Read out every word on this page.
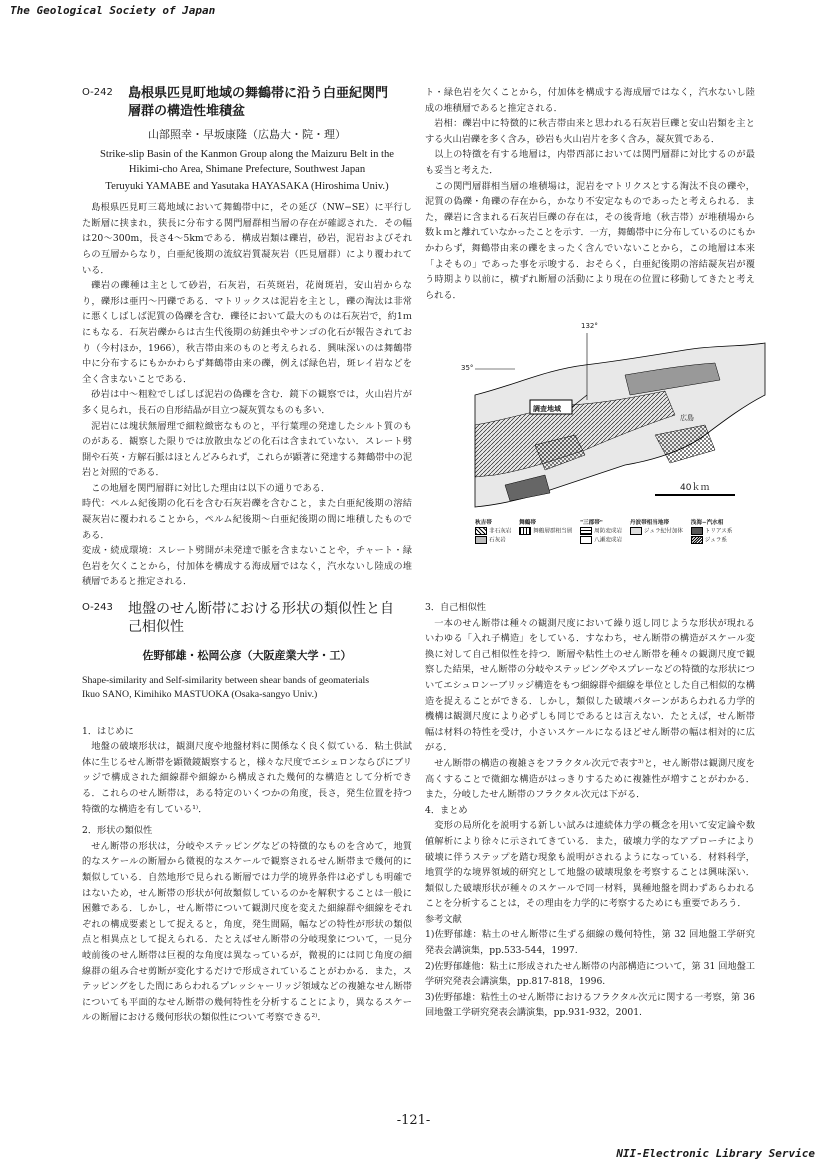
The Geological Society of Japan
O-242 島根県匹見町地域の舞鶴帯に沿う白亜紀関門層群の構造性堆積盆
山部照幸・早坂康隆（広島大・院・理）
Strike-slip Basin of the Kanmon Group along the Maizuru Belt in the Hikimi-cho Area, Shimane Prefecture, Southwest Japan
Teruyuki YAMABE and Yasutaka HAYASAKA (Hiroshima Univ.)

島根県匹見町三葛地域において舞鶴帯中に，その延び（NW−SE）に平行した断層に挟まれ，狭長に分布する関門層群相当層の存在が確認された．その幅は20〜300m，長さ4〜5kmである．構成岩類は礫岩，砂岩，泥岩およびそれらの互層からなり，白亜紀後期の流紋岩質凝灰岩（匹見層群）により覆われている．

礫岩の礫種は主として砂岩，石灰岩，石英斑岩，花崗斑岩，安山岩からなり，礫形は亜円〜円礫である．マトリックスは泥岩を主とし，礫の淘汰は非常に悪くしばしば泥質の偽礫を含む．礫径において最大のものは石灰岩で，約1ｍにもなる．石灰岩礫からは古生代後期の紡錘虫やサンゴの化石が報告されており（今村ほか，1966），秋吉帯由来のものと考えられる．興味深いのは舞鶴帯中に分布するにもかかわらず舞鶴帯由来の礫，例えば緑色岩，斑レイ岩などを全く含まないことである．

砂岩は中〜粗粒でしばしば泥岩の偽礫を含む．鏡下の観察では，火山岩片が多く見られ，長石の自形結晶が目立つ凝灰質なものも多い．

泥岩には塊状無層理で細粒緻密なものと，平行葉理の発達したシルト質のものがある．観察した限りでは放散虫などの化石は含まれていない．スレート劈開や石英・方解石脈はほとんどみられず，これらが顕著に発達する舞鶴帯中の泥岩と対照的である．

この地層を関門層群に対比した理由は以下の通りである．

時代：ペルム紀後期の化石を含む石灰岩礫を含むこと，また白亜紀後期の溶結凝灰岩に覆われることから，ペルム紀後期〜白亜紀後期の間に堆積したものである．

変成・続成環境：スレート劈開が未発達で脈を含まないことや，チャート・緑色岩を欠くことから，付加体を構成する海成層ではなく，汽水ないし陸成の堆積層であると推定される．

ト・緑色岩を欠くことから，付加体を構成する海成層ではなく，汽水ないし陸成の堆積層であると推定される．

岩相：礫岩中に特徴的に秋吉帯由来と思われる石灰岩巨礫と安山岩類を主とする火山岩礫を多く含み，砂岩も火山岩片を多く含み，凝灰質である．

以上の特徴を有する地層は，内帯西部においては関門層群に対比するのが最も妥当と考えた．

この関門層群相当層の堆積場は，泥岩をマトリクスとする淘汰不良の礫や，泥質の偽礫・角礫の存在から，かなり不安定なものであったと考えられる．また，礫岩に含まれる石灰岩巨礫の存在は，その後背地（秋吉帯）が堆積場から数ｋｍと離れていなかったことを示す．一方，舞鶴帯中に分布しているのにもかかわらず，舞鶴帯由来の礫をまったく含んでいないことから，この地層は本来「よそもの」であった事を示唆する．おそらく，白亜紀後期の溶結凝灰岩が覆う時期より以前に，横ずれ断層の活動により現在の位置に移動してきたと考えられる．

132°
35°
調査地域
広島
40ｋｍ
秋吉帯
非石灰岩
石灰岩

舞鶴帯
舞鶴層群相当層

"三郡帯"
周防変成岩
八瀬変成岩

丹波帯相当地帯
ジュラ紀付加体

浅海−汽水相
トリアス系
ジュラ系
O-243 地盤のせん断帯における形状の類似性と自己相似性
佐野郁雄・松岡公彦（大阪産業大学・工）
Shape-similarity and Self-similarity between shear bands of geomaterials
Ikuo SANO, Kimihiko MASTUOKA (Osaka-sangyo Univ.)
1．はじめに

地盤の破壊形状は，観測尺度や地盤材料に関係なく良く似ている．粘土供試体に生じるせん断帯を顕微鏡観察すると，様々な尺度でエシェロンならびにブリッジで構成された細線群や細線から構成された幾何的な構造として分析できる．これらのせん断帯は，ある特定のいくつかの角度，長さ，発生位置を持つ特徴的な構造を有している¹⁾．

2．形状の類似性

せん断帯の形状は，分岐やステッピングなどの特徴的なものを含めて，地質的なスケールの断層から微視的なスケールで観察されるせん断帯まで幾何的に類似している．自然地形で見られる断層では力学的境界条件は必ずしも明確ではないため，せん断帯の形状が何故類似しているのかを解釈することは一般に困難である．しかし，せん断帯について観測尺度を変えた細線群や細線をそれぞれの構成要素として捉えると，角度，発生間隔，幅などの特性が形状の類似点と相異点として捉えられる．たとえばせん断帯の分岐現象について，一見分岐前後のせん断帯は巨視的な角度は異なっているが，微視的には同じ角度の細線群の組み合せ剪断が変化するだけで形成されていることがわかる．また，ステッピングをした間にあらわれるプレッシャーリッジ領域などの複雑なせん断帯についても平面的なせん断帯の幾何特性を分析することにより，異なるスケールの断層における幾何形状の類似性について考察できる²⁾．

3．自己相似性

一本のせん断帯は種々の観測尺度において繰り返し同じような形状が現れるいわゆる「入れ子構造」をしている．すなわち，せん断帯の構造がスケール変換に対して自己相似性を持つ．断層や粘性土のせん断帯を種々の観測尺度で観察した結果，せん断帯の分岐やステッピングやスプレーなどの特徴的な形状についてエシュロンーブリッジ構造をもつ細線群や細線を単位とした自己相似的な構造を捉えることができる．しかし，類似した破壊パターンがあらわれる力学的機構は観測尺度により必ずしも同じであるとは言えない．たとえば，せん断帯幅は材料の特性を受け，小さいスケールになるほどせん断帯の幅は相対的に広がる．

せん断帯の構造の複雑さをフラクタル次元で表す³⁾と，せん断帯は観測尺度を高くすることで微細な構造がはっきりするために複雑性が増すことがわかる．また，分岐したせん断帯のフラクタル次元は下がる．

4．まとめ

変形の局所化を説明する新しい試みは連続体力学の概念を用いて安定論や数値解析により徐々に示されてきている．また，破壊力学的なアプローチにより破壊に伴うステップを踏む現象も説明がされるようになっている．材料科学，地質学的な境界領域的研究として地盤の破壊現象を考察することは興味深い．類似した破壊形状が種々のスケールで同一材料，異種地盤を問わずあらわれることを分析することは，その理由を力学的に考察するためにも重要であろう．

参考文献

1)佐野郁雄：粘土のせん断帯に生ずる細線の幾何特性，第 32 回地盤工学研究発表会講演集，pp.533-544，1997.

2)佐野郁雄他：粘土に形成されたせん断帯の内部構造について，第 31 回地盤工学研究発表会講演集，pp.817-818，1996.

3)佐野郁雄：粘性土のせん断帯におけるフラクタル次元に関する一考察，第 36 回地盤工学研究発表会講演集，pp.931-932，2001.

-121-
NII-Electronic Library Service
